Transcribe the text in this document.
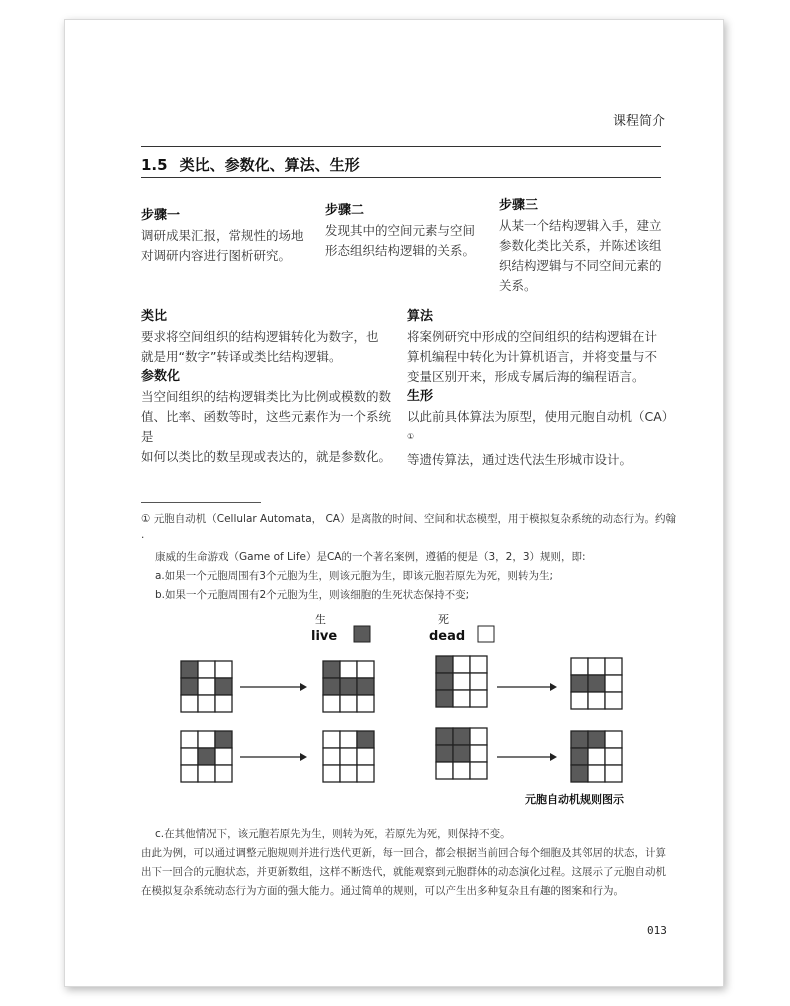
课程简介
1.5 类比、参数化、算法、生形
步骤一
调研成果汇报，常规性的场地
对调研内容进行图析研究。
步骤二
发现其中的空间元素与空间
形态组织结构逻辑的关系。
步骤三
从某一个结构逻辑入手，建立
参数化类比关系，并陈述该组
织结构逻辑与不同空间元素的
关系。
类比
要求将空间组织的结构逻辑转化为数字，也
就是用“数字”转译或类比结构逻辑。
参数化
当空间组织的结构逻辑类比为比例或模数的数
值、比率、函数等时，这些元素作为一个系统是
如何以类比的数呈现或表达的，就是参数化。
算法
将案例研究中形成的空间组织的结构逻辑在计
算机编程中转化为计算机语言，并将变量与不
变量区别开来，形成专属后海的编程语言。
生形
以此前具体算法为原型，使用元胞自动机（CA）①
等遗传算法，通过迭代法生形城市设计。
① 元胞自动机（Cellular Automata， CA）是离散的时间、空间和状态模型，用于模拟复杂系统的动态行为。约翰 ·
康威的生命游戏（Game of Life）是CA的一个著名案例，遵循的便是（3，2，3）规则，即:
a.如果一个元胞周围有3个元胞为生，则该元胞为生，即该元胞若原先为死，则转为生;
b.如果一个元胞周围有2个元胞为生，则该细胞的生死状态保持不变;
生
live
死
dead
元胞自动机规则图示
c.在其他情况下，该元胞若原先为生，则转为死，若原先为死，则保持不变。
由此为例，可以通过调整元胞规则并进行迭代更新，每一回合，都会根据当前回合每个细胞及其邻居的状态，计算
出下一回合的元胞状态，并更新数组，这样不断迭代，就能观察到元胞群体的动态演化过程。这展示了元胞自动机
在模拟复杂系统动态行为方面的强大能力。通过简单的规则，可以产生出多种复杂且有趣的图案和行为。
013
